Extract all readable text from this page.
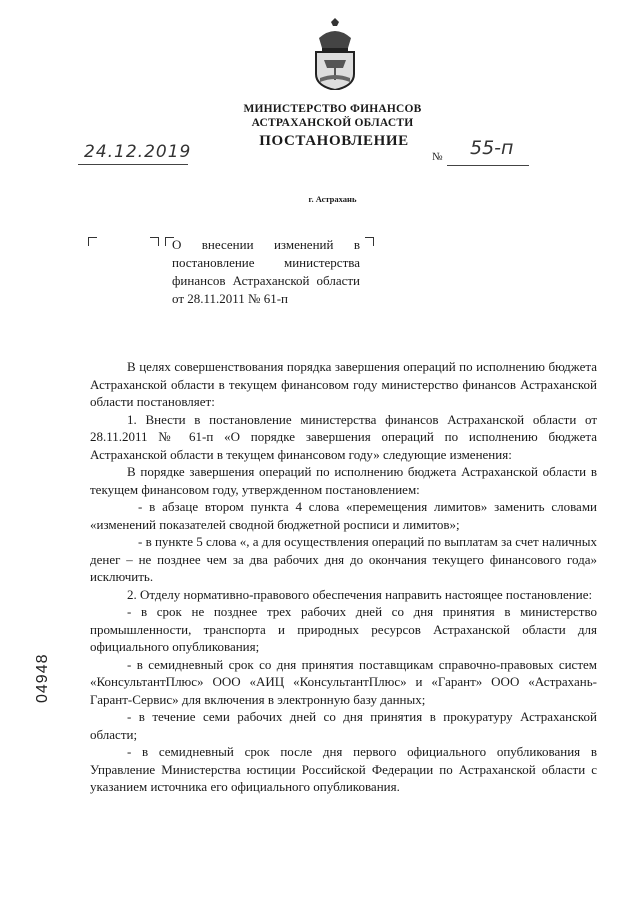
МИНИСТЕРСТВО ФИНАНСОВ
АСТРАХАНСКОЙ ОБЛАСТИ
ПОСТАНОВЛЕНИЕ
24.12.2019	№ 55-п
г. Астрахань
О внесении изменений в постановление министерства финансов Астраханской области от 28.11.2011 № 61-п

В целях совершенствования порядка завершения операций по исполнению бюджета Астраханской области в текущем финансовом году министерство финансов Астраханской области постановляет:

1. Внести в постановление министерства финансов Астраханской области от 28.11.2011 № 61-п «О порядке завершения операций по исполнению бюджета Астраханской области в текущем финансовом году» следующие изменения:

В порядке завершения операций по исполнению бюджета Астраханской области в текущем финансовом году, утвержденном постановлением:

- в абзаце втором пункта 4 слова «перемещения лимитов» заменить словами «изменений показателей сводной бюджетной росписи и лимитов»;

- в пункте 5 слова «, а для осуществления операций по выплатам за счет наличных денег – не позднее чем за два рабочих дня до окончания текущего финансового года» исключить.

2. Отделу нормативно-правового обеспечения направить настоящее постановление:

- в срок не позднее трех рабочих дней со дня принятия в министерство промышленности, транспорта и природных ресурсов Астраханской области для официального опубликования;

- в семидневный срок со дня принятия поставщикам справочно-правовых систем «КонсультантПлюс» ООО «АИЦ «КонсультантПлюс» и «Гарант» ООО «Астрахань-Гарант-Сервис» для включения в электронную базу данных;

- в течение семи рабочих дней со дня принятия в прокуратуру Астраханской области;

- в семидневный срок после дня первого официального опубликования в Управление Министерства юстиции Российской Федерации по Астраханской области с указанием источника его официального опубликования.

04948
